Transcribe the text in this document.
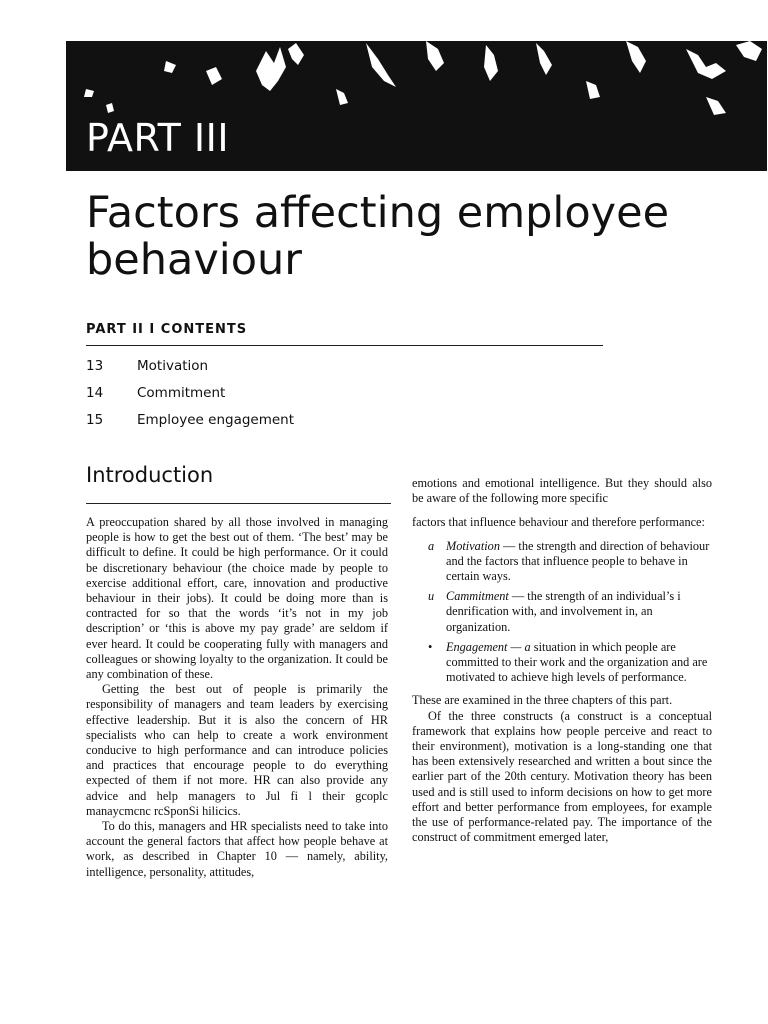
PART III
Factors affecting employee behaviour
PART II I CONTENTS
13	Motivation
14	Commitment
15	Employee engagement
Introduction

A preoccupation shared by all those involved in managing people is how to get the best out of them. ‘The best’ may be difficult to define. It could be high performance. Or it could be discretionary behaviour (the choice made by people to exercise additional effort, care, innovation and productive behaviour in their jobs). It could be doing more than is contracted for so that the words ‘it’s not in my job description’ or ‘this is above my pay grade’ are seldom if ever heard. It could be cooperating fully with managers and colleagues or showing loyalty to the organization. It could be any combination of these.

Getting the best out of people is primarily the responsibility of managers and team leaders by exercising effective leadership. But it is also the concern of HR specialists who can help to create a work environment conducive to high performance and can introduce policies and practices that encourage people to do everything expected of them if not more. HR can also provide any advice and help managers to Jul fi l their gcoplc manaycmcnc rcSponSi hilicics.

To do this, managers and HR specialists need to take into account the general factors that affect how people behave at work, as described in Chapter 10 — namely, ability, intelligence, personality, attitudes,

emotions and emotional intelligence. But they should also be aware of the following more specific

factors that influence behaviour and therefore performance:

a Motivation — the strength and direction of behaviour and the factors that influence people to behave in certain ways.
u Cammitment — the strength of an individual’s i denrification with, and involvement in, an organization.
• Engagement — a situation in which people are committed to their work and the organization and are motivated to achieve high levels of performance.

These are examined in the three chapters of this part.

Of the three constructs (a construct is a conceptual framework that explains how people perceive and react to their environment), motivation is a long-standing one that has been extensively researched and written a bout since the earlier part of the 20th century. Motivation theory has been used and is still used to inform decisions on how to get more effort and better performance from employees, for example the use of performance-related pay. The importance of the construct of commitment emerged later,
